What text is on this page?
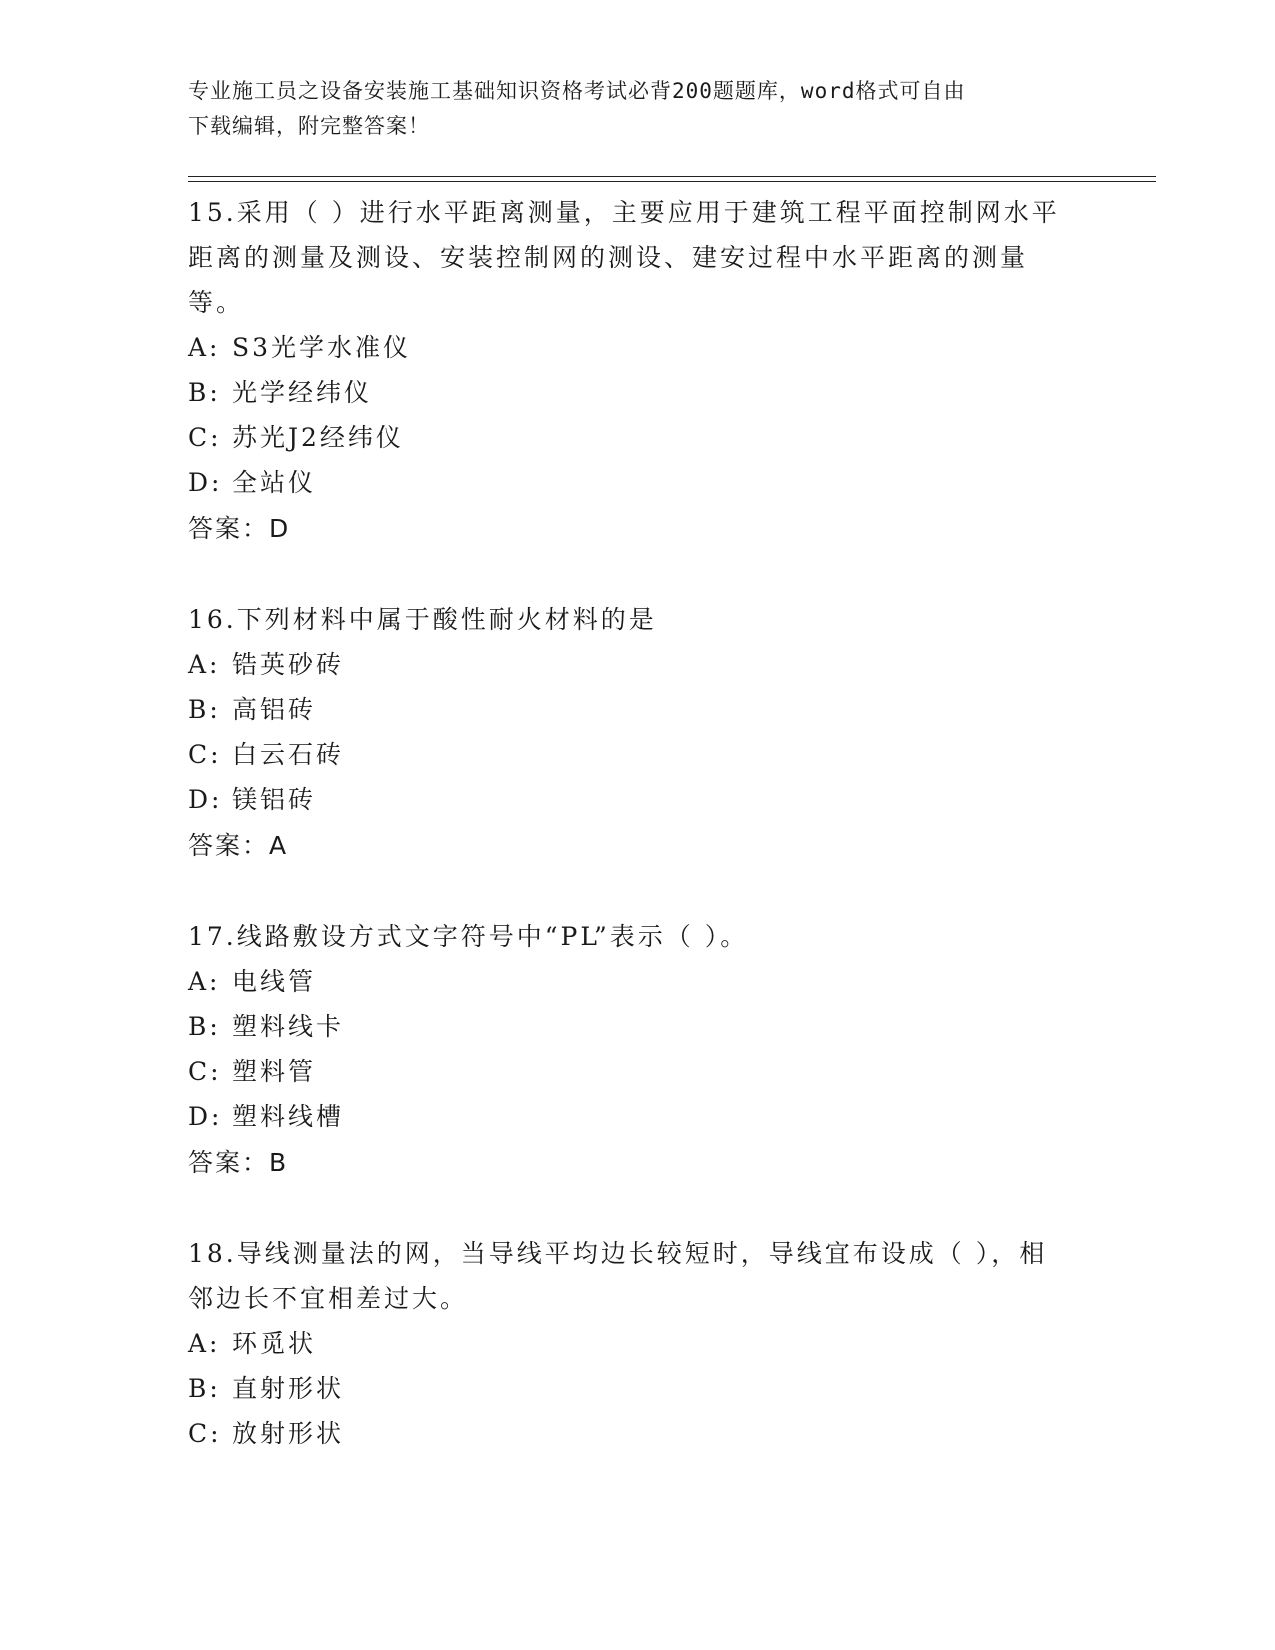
专业施工员之设备安装施工基础知识资格考试必背200题题库，word格式可自由
下载编辑，附完整答案！
15.采用（ ）进行水平距离测量，主要应用于建筑工程平面控制网水平距离的测量及测设、安装控制网的测设、建安过程中水平距离的测量等。
A: S3光学水准仪
B: 光学经纬仪
C: 苏光J2经纬仪
D: 全站仪
答案：D
16.下列材料中属于酸性耐火材料的是
A: 锆英砂砖
B: 高铝砖
C: 白云石砖
D: 镁铝砖
答案：A
17.线路敷设方式文字符号中“PL”表示（ ）。
A: 电线管
B: 塑料线卡
C: 塑料管
D: 塑料线槽
答案：B
18.导线测量法的网，当导线平均边长较短时，导线宜布设成（ ），相邻边长不宜相差过大。
A: 环觅状
B: 直射形状
C: 放射形状
